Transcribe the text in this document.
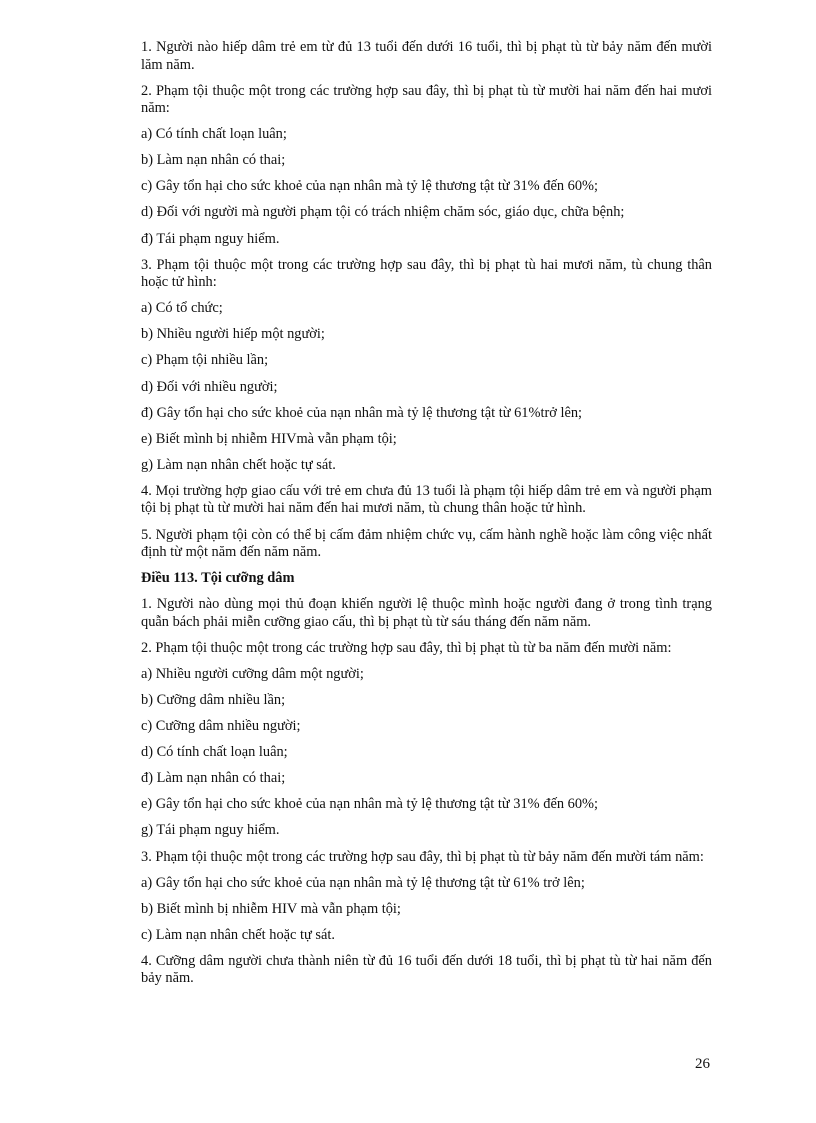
1. Người nào hiếp dâm trẻ em từ đủ 13 tuổi đến dưới 16 tuổi, thì bị phạt tù từ bảy năm đến mười lăm năm.

2. Phạm tội thuộc một trong các trường hợp sau đây, thì bị phạt tù từ mười hai năm đến hai mươi năm:

a) Có tính chất loạn luân;

b) Làm nạn nhân có thai;

c) Gây tổn hại cho sức khoẻ của nạn nhân mà tỷ lệ thương tật từ 31% đến 60%;

d) Đối với người mà người phạm tội có trách nhiệm chăm sóc, giáo dục, chữa bệnh;

đ) Tái phạm nguy hiểm.

3. Phạm tội thuộc một trong các trường hợp sau đây, thì bị phạt tù hai mươi năm, tù chung thân hoặc tử hình:

a) Có tổ chức;

b) Nhiều người hiếp một người;

c) Phạm tội nhiều lần;

d) Đối với nhiều người;

đ) Gây tổn hại cho sức khoẻ của nạn nhân mà tỷ lệ thương tật từ 61%trở lên;

e) Biết mình bị nhiễm HIVmà vẫn phạm tội;

g) Làm nạn nhân chết hoặc tự sát.

4. Mọi trường hợp giao cấu với trẻ em chưa đủ 13 tuổi là phạm tội hiếp dâm trẻ em và người phạm tội bị phạt tù từ mười hai năm đến hai mươi năm, tù chung thân hoặc tử hình.

5. Người phạm tội còn có thể bị cấm đảm nhiệm chức vụ, cấm hành nghề hoặc làm công việc nhất định từ một năm đến năm năm.

Điều 113. Tội cưỡng dâm

1. Người nào dùng mọi thủ đoạn khiến người lệ thuộc mình hoặc người đang ở trong tình trạng quẫn bách phải miễn cưỡng giao cấu, thì bị phạt tù từ sáu tháng đến năm năm.

2. Phạm tội thuộc một trong các trường hợp sau đây, thì bị phạt tù từ ba năm đến mười năm:

a) Nhiều người cưỡng dâm một người;

b) Cưỡng dâm nhiều lần;

c) Cưỡng dâm nhiều người;

d) Có tính chất loạn luân;

đ) Làm nạn nhân có thai;

e) Gây tổn hại cho sức khoẻ của nạn nhân mà tỷ lệ thương tật từ 31% đến 60%;

g) Tái phạm nguy hiểm.

3. Phạm tội thuộc một trong các trường hợp sau đây, thì bị phạt tù từ bảy năm đến mười tám năm:

a) Gây tổn hại cho sức khoẻ của nạn nhân mà tỷ lệ thương tật từ 61% trở lên;

b) Biết mình bị nhiễm HIV mà vẫn phạm tội;

c) Làm nạn nhân chết hoặc tự sát.

4. Cưỡng dâm người chưa thành niên từ đủ 16 tuổi đến dưới 18 tuổi, thì bị phạt tù từ hai năm đến bảy năm.

26
